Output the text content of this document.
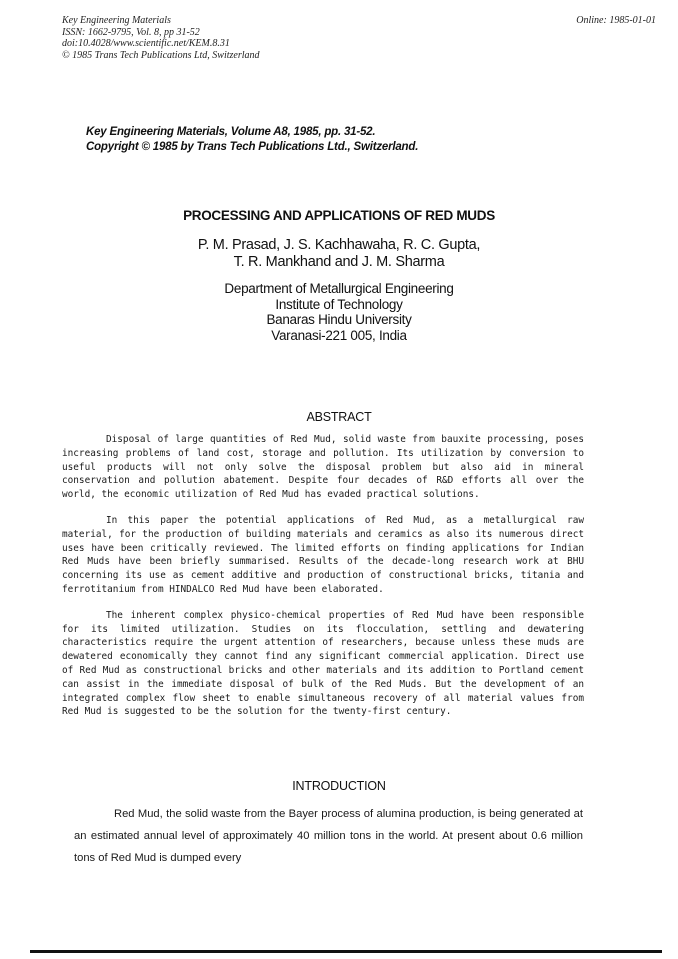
Key Engineering Materials
ISSN: 1662-9795, Vol. 8, pp 31-52
doi:10.4028/www.scientific.net/KEM.8.31
© 1985 Trans Tech Publications Ltd, Switzerland
Online: 1985-01-01
Key Engineering Materials, Volume A8, 1985, pp. 31-52.
Copyright © 1985 by Trans Tech Publications Ltd., Switzerland.
PROCESSING AND APPLICATIONS OF RED MUDS
P. M. Prasad, J. S. Kachhawaha, R. C. Gupta,
T. R. Mankhand and J. M. Sharma
Department of Metallurgical Engineering
Institute of Technology
Banaras Hindu University
Varanasi-221 005, India
ABSTRACT

Disposal of large quantities of Red Mud, solid waste from bauxite processing, poses increasing problems of land cost, storage and pollution. Its utilization by conversion to useful products will not only solve the disposal problem but also aid in mineral conservation and pollution abatement. Despite four decades of R&D efforts all over the world, the economic utilization of Red Mud has evaded practical solutions.

In this paper the potential applications of Red Mud, as a metallurgical raw material, for the production of building materials and ceramics as also its numerous direct uses have been critically reviewed. The limited efforts on finding applications for Indian Red Muds have been briefly summarised. Results of the decade-long research work at BHU concerning its use as cement additive and production of constructional bricks, titania and ferrotitanium from HINDALCO Red Mud have been elaborated.

The inherent complex physico-chemical properties of Red Mud have been responsible for its limited utilization. Studies on its flocculation, settling and dewatering characteristics require the urgent attention of researchers, because unless these muds are dewatered economically they cannot find any significant commercial application. Direct use of Red Mud as constructional bricks and other materials and its addition to Portland cement can assist in the immediate disposal of bulk of the Red Muds. But the development of an integrated complex flow sheet to enable simultaneous recovery of all material values from Red Mud is suggested to be the solution for the twenty-first century.

INTRODUCTION

Red Mud, the solid waste from the Bayer process of alumina production, is being generated at an estimated annual level of approximately 40 million tons in the world. At present about 0.6 million tons of Red Mud is dumped every
